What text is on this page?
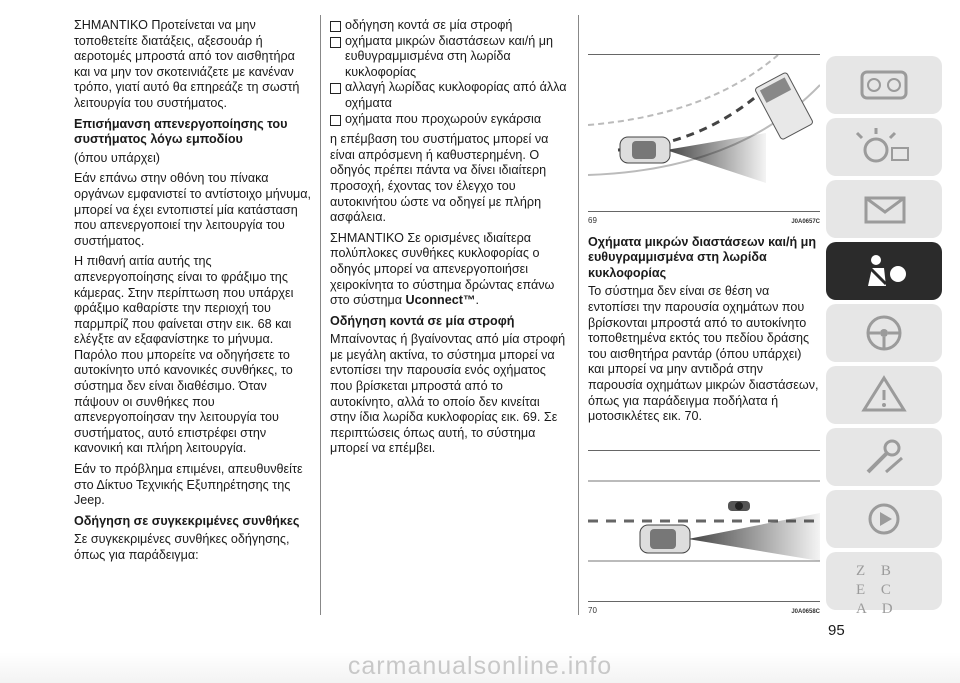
ΣΗΜΑΝΤΙΚΟ Προτείνεται να μην τοποθετείτε διατάξεις, αξεσουάρ ή αεροτομές μπροστά από τον αισθητήρα και να μην τον σκοτεινιάζετε με κανέναν τρόπο, γιατί αυτό θα επηρεάζε τη σωστή λειτουργία του συστήματος.

Επισήμανση απενεργοποίησης του συστήματος λόγω εμποδίου

(όπου υπάρχει)

Εάν επάνω στην οθόνη του πίνακα οργάνων εμφανιστεί το αντίστοιχο μήνυμα, μπορεί να έχει εντοπιστεί μία κατάσταση που απενεργοποιεί την λειτουργία του συστήματος.

Η πιθανή αιτία αυτής της απενεργοποίησης είναι το φράξιμο της κάμερας. Στην περίπτωση που υπάρχει φράξιμο καθαρίστε την περιοχή του παρμπρίζ που φαίνεται στην εικ. 68 και ελέγξτε αν εξαφανίστηκε το μήνυμα. Παρόλο που μπορείτε να οδηγήσετε το αυτοκίνητο υπό κανονικές συνθήκες, το σύστημα δεν είναι διαθέσιμο. Όταν πάψουν οι συνθήκες που απενεργοποίησαν την λειτουργία του συστήματος, αυτό επιστρέφει στην κανονική και πλήρη λειτουργία.

Εάν το πρόβλημα επιμένει, απευθυνθείτε στο Δίκτυο Τεχνικής Εξυπηρέτησης της Jeep.

Οδήγηση σε συγκεκριμένες συνθήκες

Σε συγκεκριμένες συνθήκες οδήγησης, όπως για παράδειγμα:

οδήγηση κοντά σε μία στροφή
οχήματα μικρών διαστάσεων και/ή μη ευθυγραμμισμένα στη λωρίδα κυκλοφορίας
αλλαγή λωρίδας κυκλοφορίας από άλλα οχήματα
οχήματα που προχωρούν εγκάρσια

η επέμβαση του συστήματος μπορεί να είναι απρόσμενη ή καθυστερημένη. Ο οδηγός πρέπει πάντα να δίνει ιδιαίτερη προσοχή, έχοντας τον έλεγχο του αυτοκινήτου ώστε να οδηγεί με πλήρη ασφάλεια.

ΣΗΜΑΝΤΙΚΟ Σε ορισμένες ιδιαίτερα πολύπλοκες συνθήκες κυκλοφορίας ο οδηγός μπορεί να απενεργοποιήσει χειροκίνητα το σύστημα δρώντας επάνω στο σύστημα Uconnect™.

Οδήγηση κοντά σε μία στροφή

Μπαίνοντας ή βγαίνοντας από μία στροφή με μεγάλη ακτίνα, το σύστημα μπορεί να εντοπίσει την παρουσία ενός οχήματος που βρίσκεται μπροστά από το αυτοκίνητο, αλλά το οποίο δεν κινείται στην ίδια λωρίδα κυκλοφορίας εικ. 69. Σε περιπτώσεις όπως αυτή, το σύστημα μπορεί να επέμβει.

69	J0A0657C
Οχήματα μικρών διαστάσεων και/ή μη ευθυγραμμισμένα στη λωρίδα κυκλοφορίας

Το σύστημα δεν είναι σε θέση να εντοπίσει την παρουσία οχημάτων που βρίσκονται μπροστά από το αυτοκίνητο τοποθετημένα εκτός του πεδίου δράσης του αισθητήρα ραντάρ (όπου υπάρχει) και μπορεί να μην αντιδρά στην παρουσία οχημάτων μικρών διαστάσεων, όπως για παράδειγμα ποδήλατα ή μοτοσικλέτες εικ. 70.

70	J0A0658C
Z B E C A D
95
carmanualsonline.info
